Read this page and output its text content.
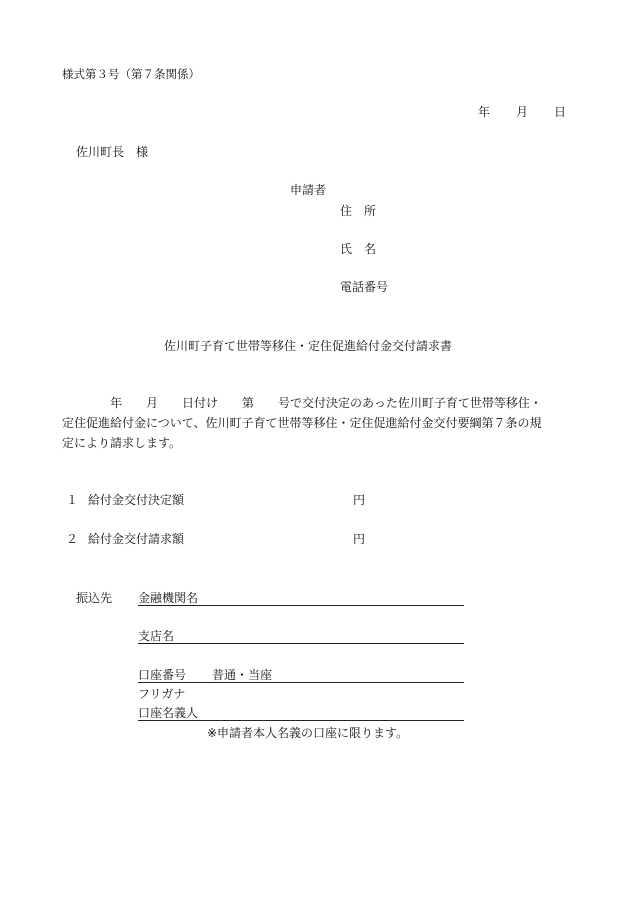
様式第３号（第７条関係）
年 月 日
佐川町長　様
申請者
住　所
氏　名
電話番号
佐川町子育て世帯等移住・定住促進給付金交付請求書
　年　　月　　日付け　　第　　号で交付決定のあった佐川町子育て世帯等移住・
定住促進給付金について、佐川町子育て世帯等移住・定住促進給付金交付要綱第７条の規
定により請求します。
１ 給付金交付決定額	円
２ 給付金交付請求額	円
振込先 金融機関名
支店名
口座番号 普通・当座
フリガナ
口座名義人
※申請者本人名義の口座に限ります。
